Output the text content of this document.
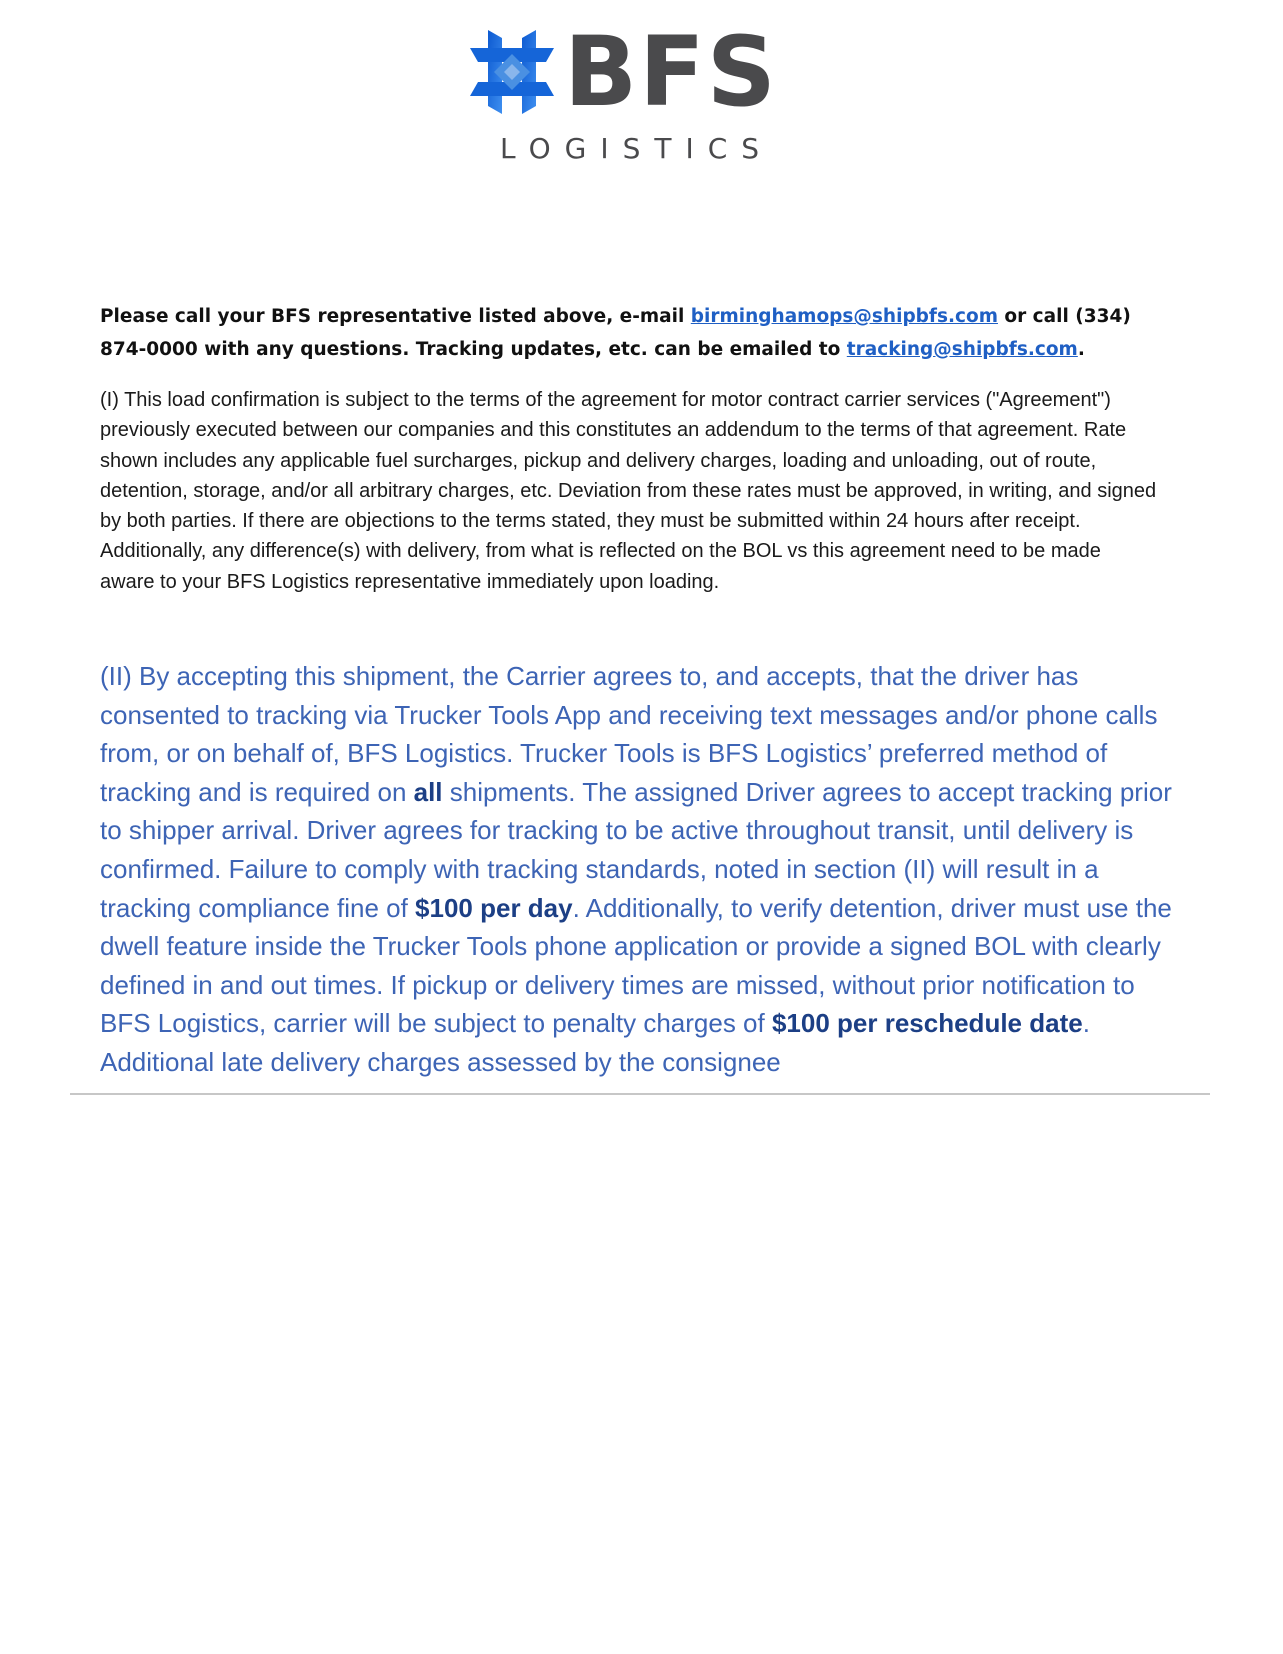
BFS
LOGISTICS
Please call your BFS representative listed above, e-mail birminghamops@shipbfs.com or call (334) 874-0000 with any questions. Tracking updates, etc. can be emailed to tracking@shipbfs.com.

(I) This load confirmation is subject to the terms of the agreement for motor contract carrier services ("Agreement") previously executed between our companies and this constitutes an addendum to the terms of that agreement. Rate shown includes any applicable fuel surcharges, pickup and delivery charges, loading and unloading, out of route, detention, storage, and/or all arbitrary charges, etc. Deviation from these rates must be approved, in writing, and signed by both parties. If there are objections to the terms stated, they must be submitted within 24 hours after receipt. Additionally, any difference(s) with delivery, from what is reflected on the BOL vs this agreement need to be made aware to your BFS Logistics representative immediately upon loading.

(II) By accepting this shipment, the Carrier agrees to, and accepts, that the driver has consented to tracking via Trucker Tools App and receiving text messages and/or phone calls from, or on behalf of, BFS Logistics. Trucker Tools is BFS Logistics’ preferred method of tracking and is required on all shipments. The assigned Driver agrees to accept tracking prior to shipper arrival. Driver agrees for tracking to be active throughout transit, until delivery is confirmed. Failure to comply with tracking standards, noted in section (II) will result in a tracking compliance fine of $100 per day. Additionally, to verify detention, driver must use the dwell feature inside the Trucker Tools phone application or provide a signed BOL with clearly defined in and out times. If pickup or delivery times are missed, without prior notification to BFS Logistics, carrier will be subject to penalty charges of $100 per reschedule date. Additional late delivery charges assessed by the consignee
